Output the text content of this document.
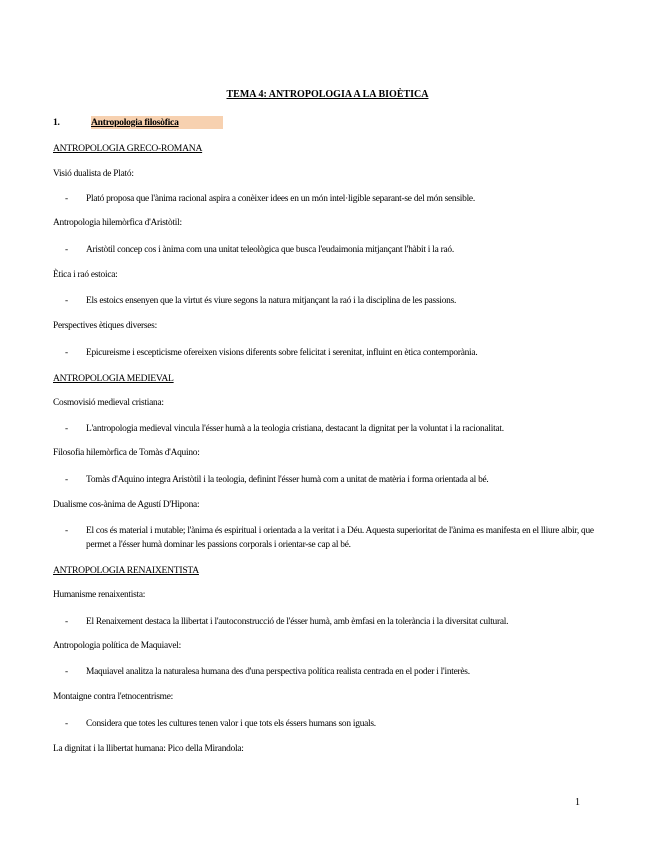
TEMA 4: ANTROPOLOGIA A LA BIOÈTICA
1.	Antropologia filosòfica
ANTROPOLOGIA GRECO-ROMANA
Visió dualista de Plató:
- Plató proposa que l'ànima racional aspira a conèixer idees en un món intel·ligible separant-se del món sensible.
Antropologia hilemòrfica d'Aristòtil:
- Aristòtil concep cos i ànima com una unitat teleològica que busca l'eudaimonia mitjançant l'hàbit i la raó.
Ètica i raó estoica:
- Els estoics ensenyen que la virtut és viure segons la natura mitjançant la raó i la disciplina de les passions.
Perspectives ètiques diverses:
- Epicureisme i escepticisme ofereixen visions diferents sobre felicitat i serenitat, influint en ètica contemporània.
ANTROPOLOGIA MEDIEVAL
Cosmovisió medieval cristiana:
- L'antropologia medieval vincula l'ésser humà a la teologia cristiana, destacant la dignitat per la voluntat i la racionalitat.
Filosofia hilemòrfica de Tomàs d'Aquino:
- Tomàs d'Aquino integra Aristòtil i la teologia, definint l'ésser humà com a unitat de matèria i forma orientada al bé.
Dualisme cos-ànima de Agustí D'Hipona:
- El cos és material i mutable; l'ànima és espiritual i orientada a la veritat i a Déu. Aquesta superioritat de l'ànima es manifesta en el lliure albir, que permet a l'ésser humà dominar les passions corporals i orientar-se cap al bé.
ANTROPOLOGIA RENAIXENTISTA
Humanisme renaixentista:
- El Renaixement destaca la llibertat i l'autoconstrucció de l'ésser humà, amb èmfasi en la tolerància i la diversitat cultural.
Antropologia política de Maquiavel:
- Maquiavel analitza la naturalesa humana des d'una perspectiva política realista centrada en el poder i l'interès.
Montaigne contra l'etnocentrisme:
- Considera que totes les cultures tenen valor i que tots els éssers humans son iguals.
La dignitat i la llibertat humana: Pico della Mirandola:
1
